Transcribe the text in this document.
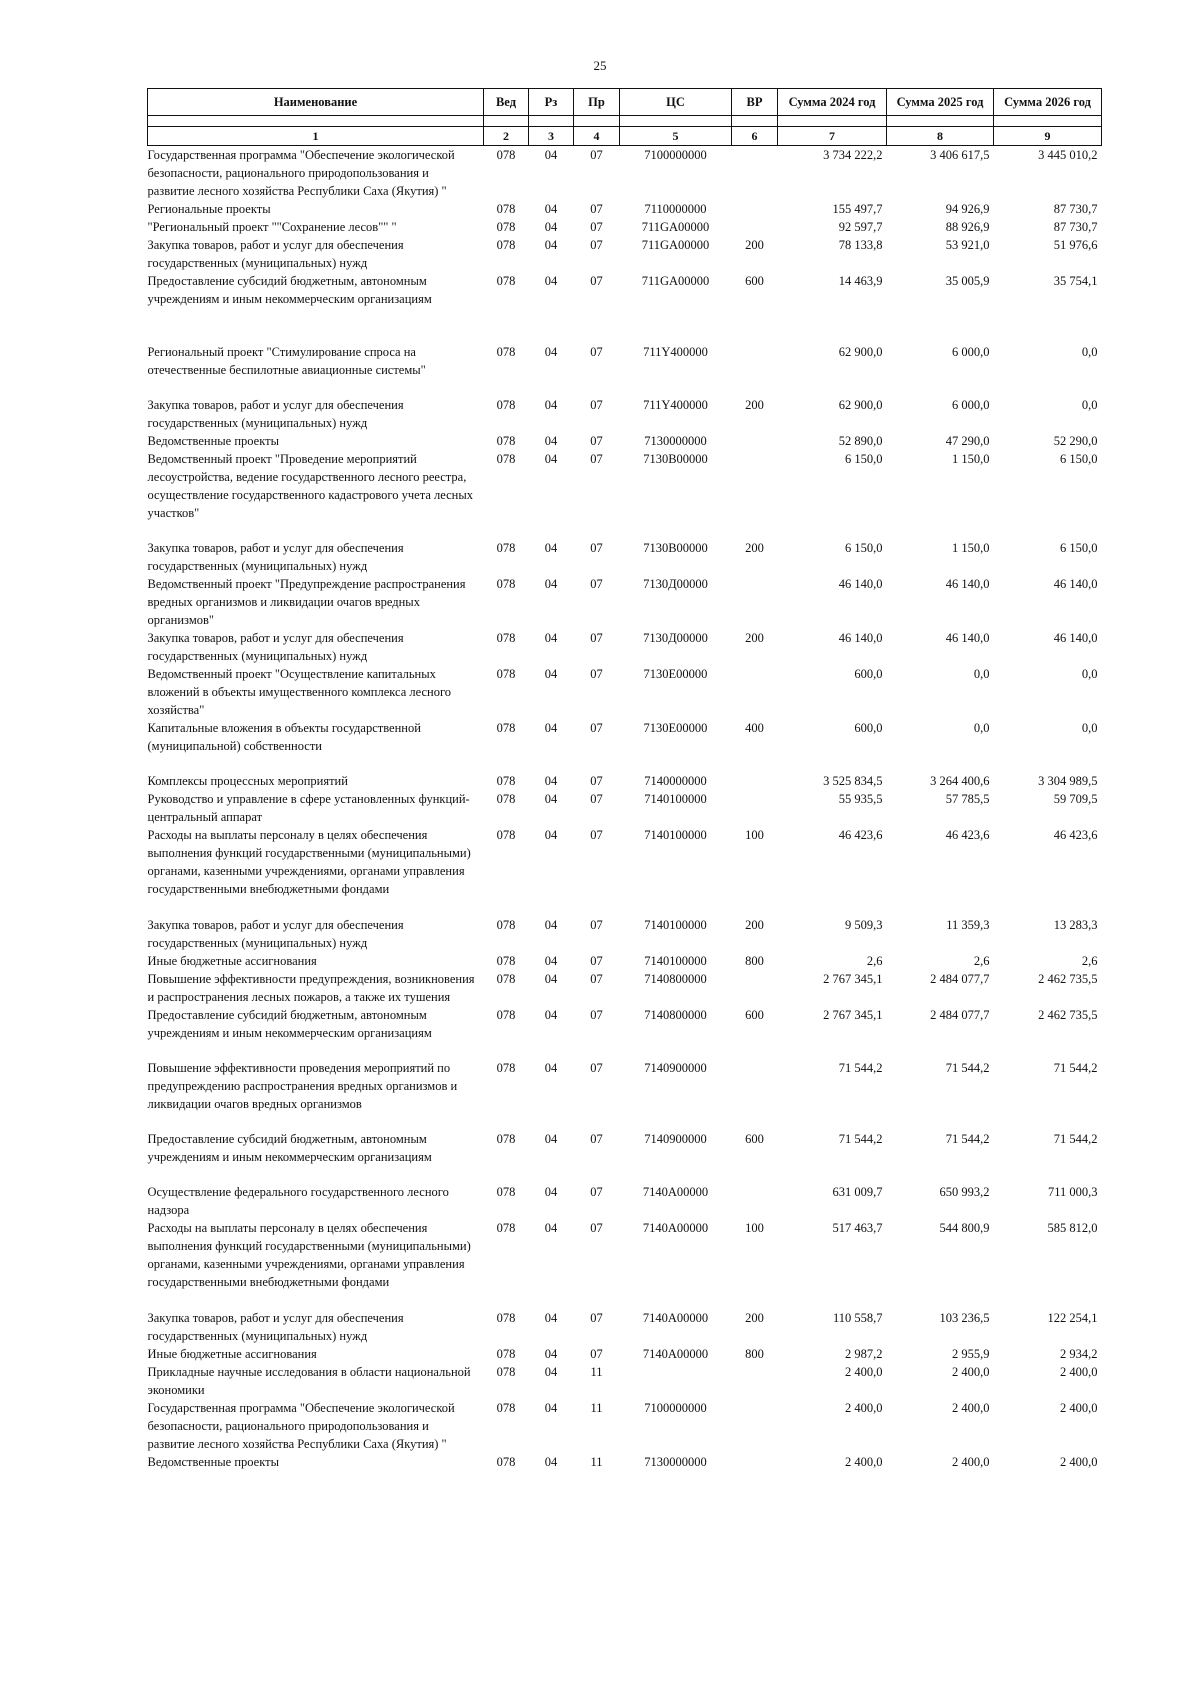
25
Наименование	Вед	Рз	Пр	ЦС	ВР	Сумма 2024 год	Сумма 2025 год	Сумма 2026 год

1	2	3	4	5	6	7	8	9
Государственная программа "Обеспечение экологической безопасности, рационального природопользования и развитие лесного хозяйства Республики Саха (Якутия) "	078	04	07	7100000000		3 734 222,2	3 406 617,5	3 445 010,2
Региональные проекты	078	04	07	7110000000		155 497,7	94 926,9	87 730,7
"Региональный проект ""Сохранение лесов"" "	078	04	07	711GA00000		92 597,7	88 926,9	87 730,7
Закупка товаров, работ и услуг для обеспечения государственных (муниципальных) нужд	078	04	07	711GA00000	200	78 133,8	53 921,0	51 976,6
Предоставление субсидий бюджетным, автономным учреждениям и иным некоммерческим организациям	078	04	07	711GA00000	600	14 463,9	35 005,9	35 754,1
Региональный проект "Стимулирование спроса на отечественные беспилотные авиационные системы"	078	04	07	711Y400000		62 900,0	6 000,0	0,0
Закупка товаров, работ и услуг для обеспечения государственных (муниципальных) нужд	078	04	07	711Y400000	200	62 900,0	6 000,0	0,0
Ведомственные проекты	078	04	07	7130000000		52 890,0	47 290,0	52 290,0
Ведомственный проект "Проведение мероприятий лесоустройства, ведение государственного лесного реестра, осуществление государственного кадастрового учета лесных участков"	078	04	07	7130B00000		6 150,0	1 150,0	6 150,0
Закупка товаров, работ и услуг для обеспечения государственных (муниципальных) нужд	078	04	07	7130B00000	200	6 150,0	1 150,0	6 150,0
Ведомственный проект "Предупреждение распространения вредных организмов и ликвидации очагов вредных организмов"	078	04	07	7130Д00000		46 140,0	46 140,0	46 140,0
Закупка товаров, работ и услуг для обеспечения государственных (муниципальных) нужд	078	04	07	7130Д00000	200	46 140,0	46 140,0	46 140,0
Ведомственный проект "Осуществление капитальных вложений в объекты имущественного комплекса лесного хозяйства"	078	04	07	7130E00000		600,0	0,0	0,0
Капитальные вложения в объекты государственной (муниципальной) собственности	078	04	07	7130E00000	400	600,0	0,0	0,0
Комплексы процессных мероприятий	078	04	07	7140000000		3 525 834,5	3 264 400,6	3 304 989,5
Руководство и управление в сфере установленных функций-центральный аппарат	078	04	07	7140100000		55 935,5	57 785,5	59 709,5
Расходы на выплаты персоналу в целях обеспечения выполнения функций государственными (муниципальными) органами, казенными учреждениями, органами управления государственными внебюджетными фондами	078	04	07	7140100000	100	46 423,6	46 423,6	46 423,6
Закупка товаров, работ и услуг для обеспечения государственных (муниципальных) нужд	078	04	07	7140100000	200	9 509,3	11 359,3	13 283,3
Иные бюджетные ассигнования	078	04	07	7140100000	800	2,6	2,6	2,6
Повышение эффективности предупреждения, возникновения и распространения лесных пожаров, а также их тушения	078	04	07	7140800000		2 767 345,1	2 484 077,7	2 462 735,5
Предоставление субсидий бюджетным, автономным учреждениям и иным некоммерческим организациям	078	04	07	7140800000	600	2 767 345,1	2 484 077,7	2 462 735,5
Повышение эффективности проведения мероприятий по предупреждению распространения вредных организмов и ликвидации очагов вредных организмов	078	04	07	7140900000		71 544,2	71 544,2	71 544,2
Предоставление субсидий бюджетным, автономным учреждениям и иным некоммерческим организациям	078	04	07	7140900000	600	71 544,2	71 544,2	71 544,2
Осуществление федерального государственного лесного надзора	078	04	07	7140A00000		631 009,7	650 993,2	711 000,3
Расходы на выплаты персоналу в целях обеспечения выполнения функций государственными (муниципальными) органами, казенными учреждениями, органами управления государственными внебюджетными фондами	078	04	07	7140A00000	100	517 463,7	544 800,9	585 812,0
Закупка товаров, работ и услуг для обеспечения государственных (муниципальных) нужд	078	04	07	7140A00000	200	110 558,7	103 236,5	122 254,1
Иные бюджетные ассигнования	078	04	07	7140A00000	800	2 987,2	2 955,9	2 934,2
Прикладные научные исследования в области национальной экономики	078	04	11			2 400,0	2 400,0	2 400,0
Государственная программа "Обеспечение экологической безопасности, рационального природопользования и развитие лесного хозяйства Республики Саха (Якутия) "	078	04	11	7100000000		2 400,0	2 400,0	2 400,0
Ведомственные проекты	078	04	11	7130000000		2 400,0	2 400,0	2 400,0
